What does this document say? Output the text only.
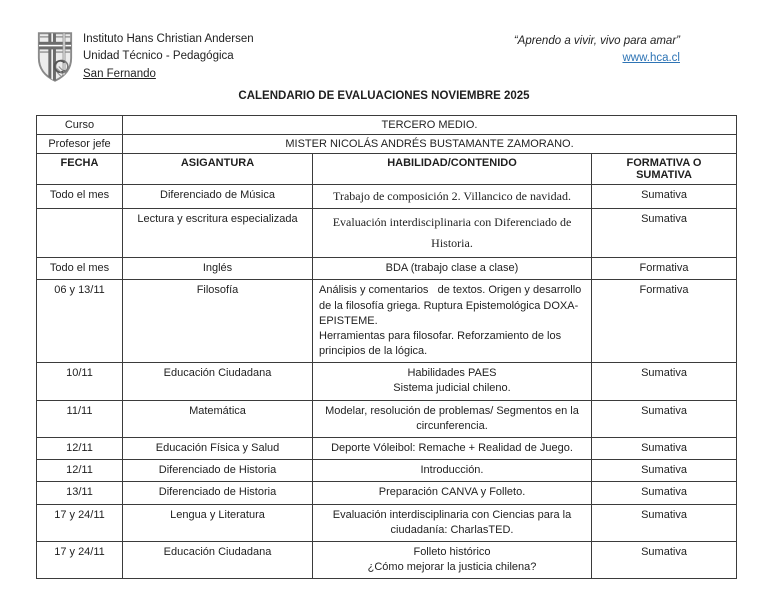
Instituto Hans Christian Andersen
Unidad Técnico - Pedagógica
San Fernando
“Aprendo a vivir, vivo para amar”
www.hca.cl
CALENDARIO DE EVALUACIONES NOVIEMBRE 2025
Curso	TERCERO MEDIO.		
Profesor jefe	MISTER NICOLÁS ANDRÉS BUSTAMANTE ZAMORANO.		
FECHA	ASIGANTURA	HABILIDAD/CONTENIDO	FORMATIVA O SUMATIVA
Todo el mes	Diferenciado de Música	Trabajo de composición 2. Villancico de navidad.	Sumativa
	Lectura y escritura especializada	Evaluación interdisciplinaria con Diferenciado de
Historia.	Sumativa
Todo el mes	Inglés	BDA (trabajo clase a clase)	Formativa
06 y 13/11	Filosofía	Análisis y comentarios   de textos. Origen y desarrollo
de la filosofía griega. Ruptura Epistemológica DOXA-
EPISTEME.
Herramientas para filosofar. Reforzamiento de los
principios de la lógica.	Formativa
10/11	Educación Ciudadana	Habilidades PAES
Sistema judicial chileno.	Sumativa
11/11	Matemática	Modelar, resolución de problemas/ Segmentos en la
circunferencia.	Sumativa
12/11	Educación Física y Salud	Deporte Vóleibol: Remache + Realidad de Juego.	Sumativa
12/11	Diferenciado de Historia	Introducción.	Sumativa
13/11	Diferenciado de Historia	Preparación CANVA y Folleto.	Sumativa
17 y 24/11	Lengua y Literatura	Evaluación interdisciplinaria con Ciencias para la
ciudadanía: CharlasTED.	Sumativa
17 y 24/11	Educación Ciudadana	Folleto histórico
¿Cómo mejorar la justicia chilena?	Sumativa
